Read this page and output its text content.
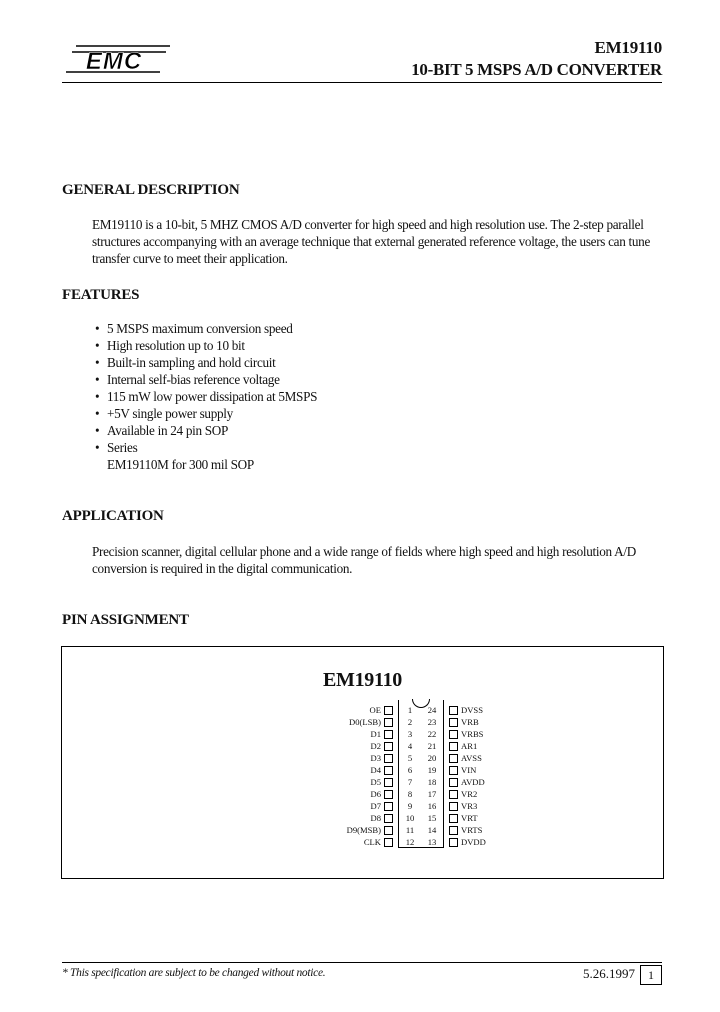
EMC
EM19110
10-BIT 5 MSPS A/D CONVERTER
GENERAL DESCRIPTION
EM19110 is a 10-bit, 5 MHZ CMOS A/D converter for high speed and high resolution use. The 2-step parallel structures accompanying with an average technique that external generated reference voltage, the users can tune transfer curve to meet their application.
FEATURES
• 5 MSPS maximum conversion speed
• High resolution up to 10 bit
• Built-in sampling and hold circuit
• Internal self-bias reference voltage
• 115 mW low power dissipation at 5MSPS
• +5V single power supply
• Available in 24 pin SOP
• Series
EM19110M for 300 mil SOP
APPLICATION
Precision scanner, digital cellular phone and a wide range of fields where high speed and high resolution A/D conversion is required in the digital communication.
PIN ASSIGNMENT
EM19110
OE	1	24	DVSS
D0(LSB)	2	23	VRB
D1	3	22	VRBS
D2	4	21	AR1
D3	5	20	AVSS
D4	6	19	VIN
D5	7	18	AVDD
D6	8	17	VR2
D7	9	16	VR3
D8	10	15	VRT
D9(MSB)	11	14	VRTS
CLK	12	13	DVDD
* This specification are subject to be changed without notice.	5.26.1997	1
